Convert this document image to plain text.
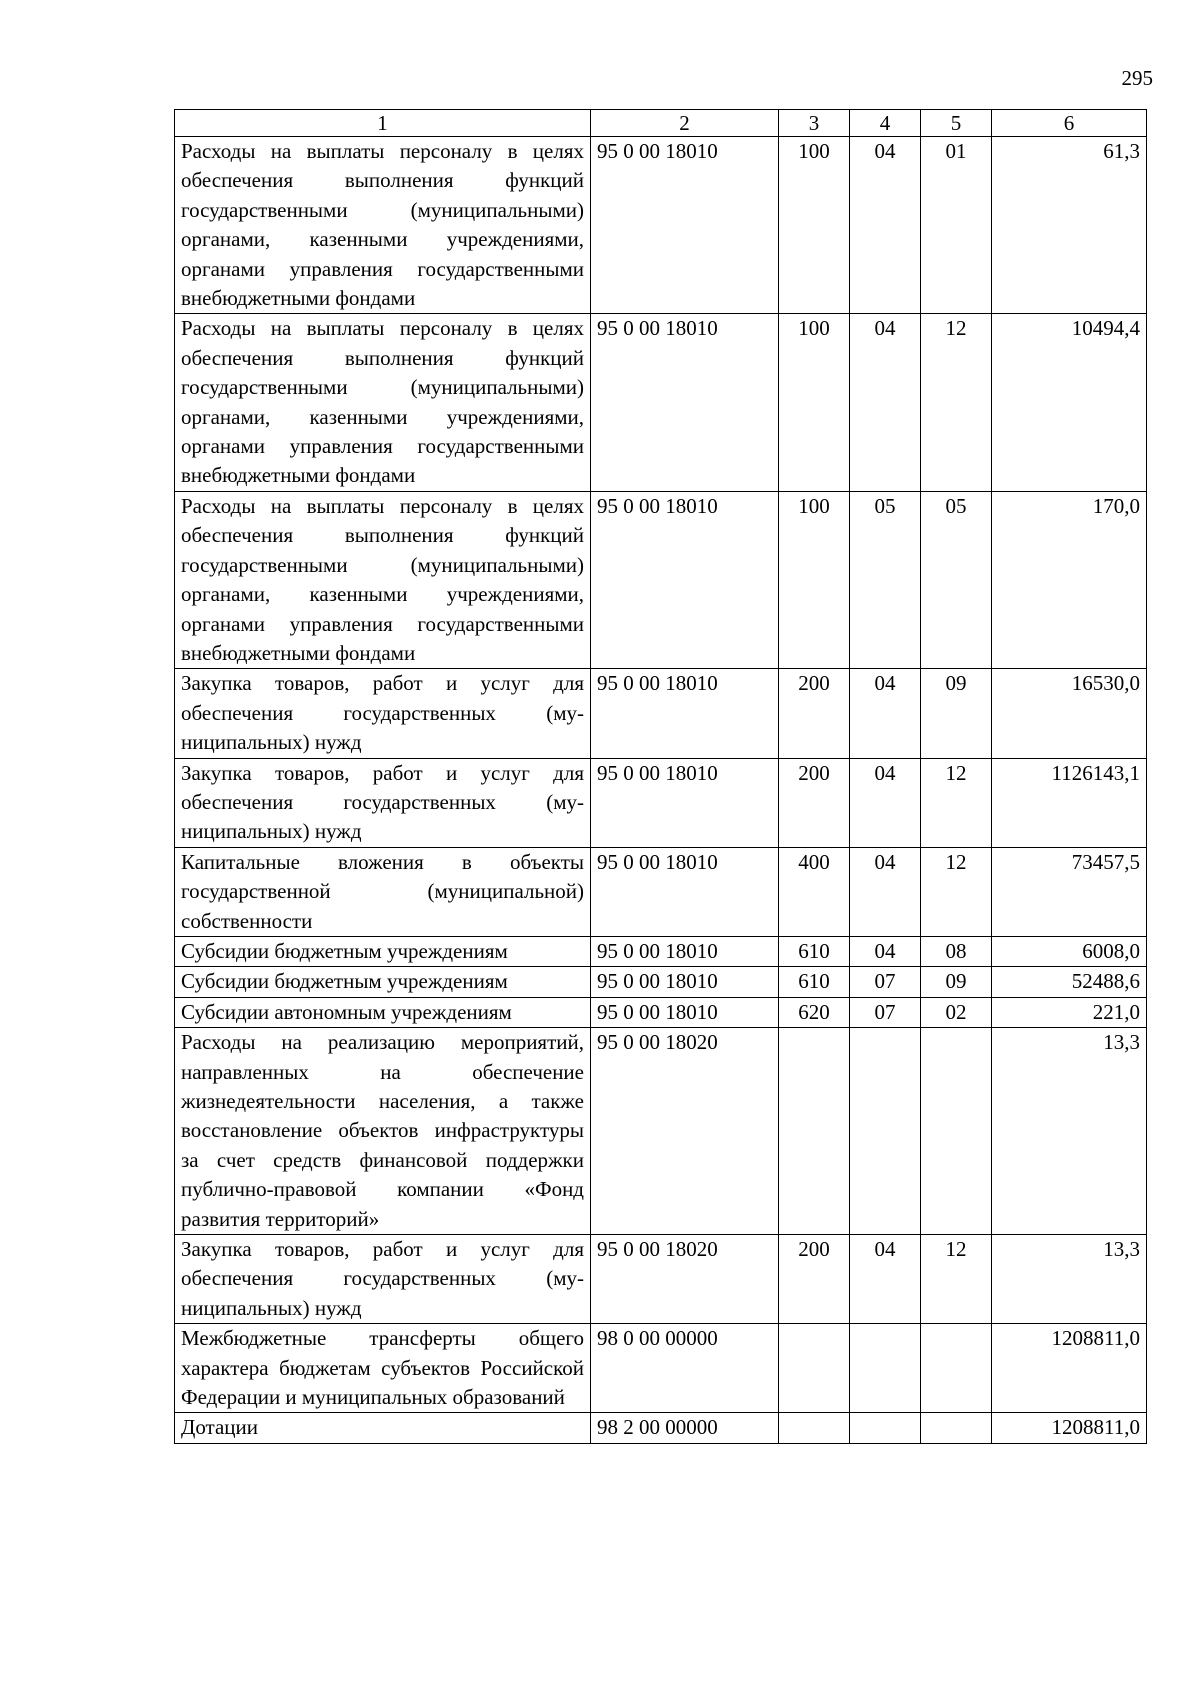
295
1	2	3	4	5	6
Расходы на выплаты персоналу в целях обеспечения выполнения функций государственными (муниципальными) органами, казенными учреждениями, органами управления государственными внебюджетными фондами	95 0 00 18010	100	04	01	61,3
Расходы на выплаты персоналу в целях обеспечения выполнения функций государственными (муниципальными) органами, казенными учреждениями, органами управления государственными внебюджетными фондами	95 0 00 18010	100	04	12	10494,4
Расходы на выплаты персоналу в целях обеспечения выполнения функций государственными (муниципальными) органами, казенными учреждениями, органами управления государственными внебюджетными фондами	95 0 00 18010	100	05	05	170,0
Закупка товаров, работ и услуг для обеспечения государственных (муниципальных) нужд	95 0 00 18010	200	04	09	16530,0
Закупка товаров, работ и услуг для обеспечения государственных (муниципальных) нужд	95 0 00 18010	200	04	12	1126143,1
Капитальные вложения в объекты государственной (муниципальной) собственности	95 0 00 18010	400	04	12	73457,5
Субсидии бюджетным учреждениям	95 0 00 18010	610	04	08	6008,0
Субсидии бюджетным учреждениям	95 0 00 18010	610	07	09	52488,6
Субсидии автономным учреждениям	95 0 00 18010	620	07	02	221,0
Расходы на реализацию мероприятий, направленных на обеспечение жизнедеятельности населения, а также восстановление объектов инфраструктуры за счет средств финансовой поддержки публично-правовой компании «Фонд развития территорий»	95 0 00 18020				13,3
Закупка товаров, работ и услуг для обеспечения государственных (муниципальных) нужд	95 0 00 18020	200	04	12	13,3
Межбюджетные трансферты общего характера бюджетам субъектов Российской Федерации и муниципальных образований	98 0 00 00000				1208811,0
Дотации	98 2 00 00000				1208811,0
